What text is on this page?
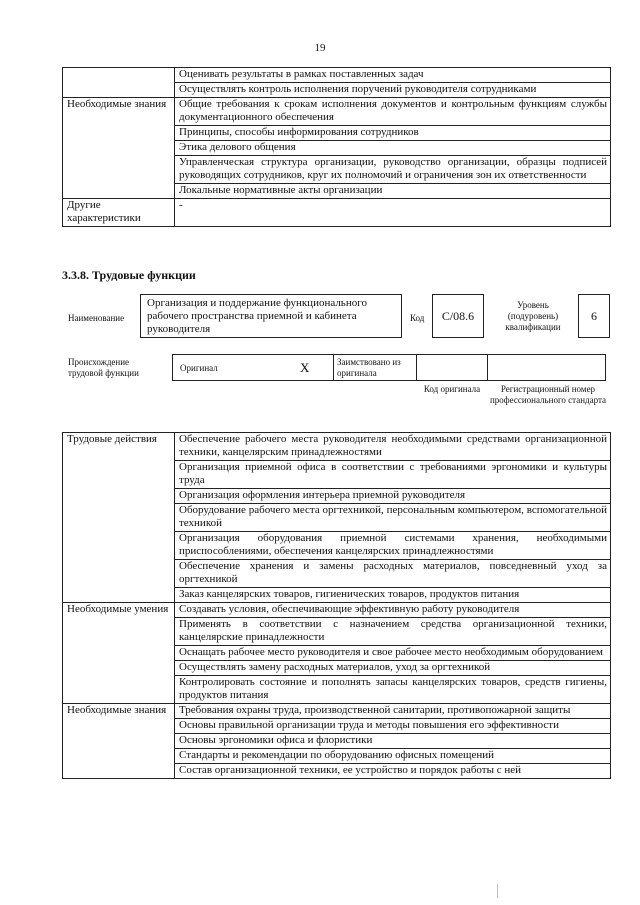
19
	Оценивать результаты в рамках поставленных задач
	Осуществлять контроль исполнения поручений руководителя сотрудниками
Необходимые знания	Общие требования к срокам исполнения документов и контрольным функциям службы документационного обеспечения
	Принципы, способы информирования сотрудников
	Этика делового общения
	Управленческая структура организации, руководство организации, образцы подписей руководящих сотрудников, круг их полномочий и ограничения зон их ответственности
	Локальные нормативные акты организации
Другие характеристики	-
3.3.8. Трудовые функции
Наименование
Организация и поддержание функционального рабочего пространства приемной и кабинета руководителя
Код	C/08.6
Уровень (подуровень) квалификации
6
Происхождение трудовой функции	Оригинал	X	Заимствовано из оригинала
Код оригинала	Регистрационный номер профессионального стандарта
Трудовые действия	Обеспечение рабочего места руководителя необходимыми средствами организационной техники, канцелярским принадлежностями
	Организация приемной офиса в соответствии с требованиями эргономики и культуры труда
	Организация оформления интерьера приемной руководителя
	Оборудование рабочего места оргтехникой, персональным компьютером, вспомогательной техникой
	Организация оборудования приемной системами хранения, необходимыми приспособлениями, обеспечения канцелярских принадлежностями
	Обеспечение хранения и замены расходных материалов, повседневный уход за оргтехникой
	Заказ канцелярских товаров, гигиенических товаров, продуктов питания
Необходимые умения	Создавать условия, обеспечивающие эффективную работу руководителя
	Применять в соответствии с назначением средства организационной техники, канцелярские принадлежности
	Оснащать рабочее место руководителя и свое рабочее место необходимым оборудованием
	Осуществлять замену расходных материалов, уход за оргтехникой
	Контролировать состояние и пополнять запасы канцелярских товаров, средств гигиены, продуктов питания
Необходимые знания	Требования охраны труда, производственной санитарии, противопожарной защиты
	Основы правильной организации труда и методы повышения его эффективности
	Основы эргономики офиса и флористики
	Стандарты и рекомендации по оборудованию офисных помещений
	Состав организационной техники, ее устройство и порядок работы с ней
